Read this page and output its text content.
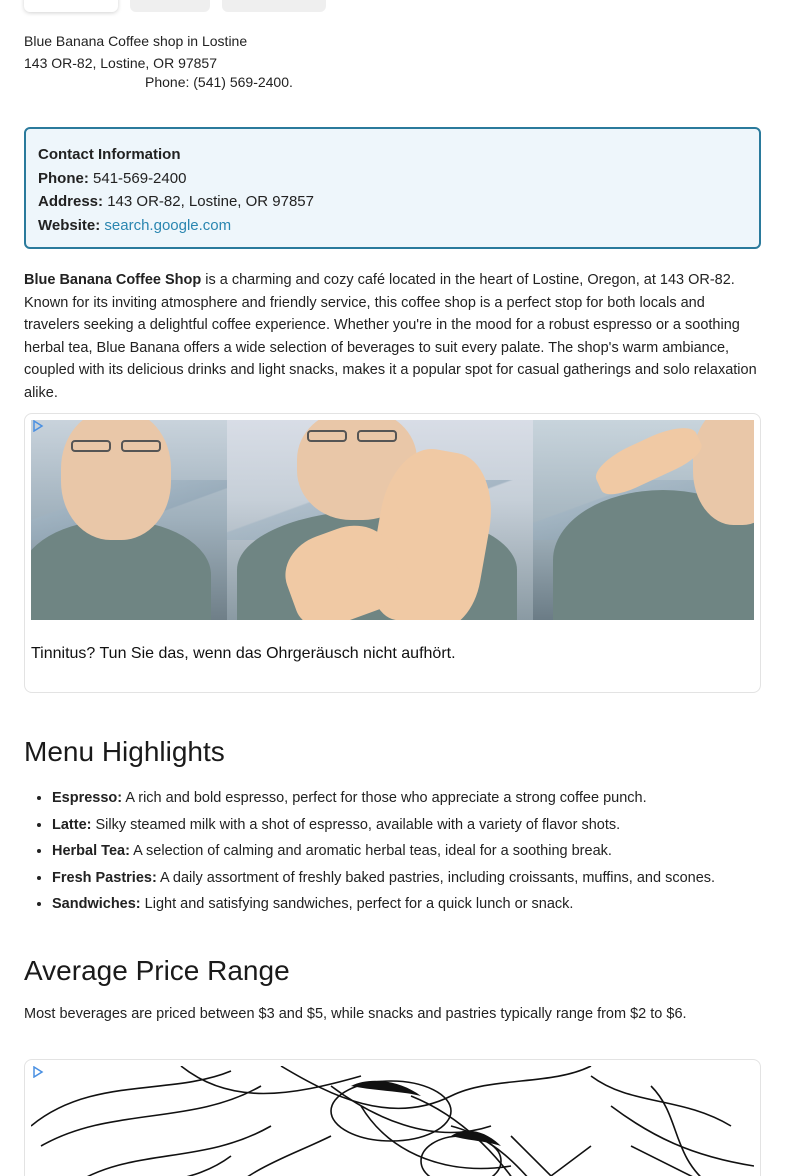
Blue Banana Coffee shop in Lostine
143 OR-82, Lostine, OR 97857
Phone: (541) 569-2400.
Contact Information
Phone: 541-569-2400
Address: 143 OR-82, Lostine, OR 97857
Website: search.google.com

Blue Banana Coffee Shop is a charming and cozy café located in the heart of Lostine, Oregon, at 143 OR-82. Known for its inviting atmosphere and friendly service, this coffee shop is a perfect stop for both locals and travelers seeking a delightful coffee experience. Whether you're in the mood for a robust espresso or a soothing herbal tea, Blue Banana offers a wide selection of beverages to suit every palate. The shop's warm ambiance, coupled with its delicious drinks and light snacks, makes it a popular spot for casual gatherings and solo relaxation alike.

Tinnitus? Tun Sie das, wenn das Ohrgeräusch nicht aufhört.
Menu Highlights
• Espresso: A rich and bold espresso, perfect for those who appreciate a strong coffee punch.
• Latte: Silky steamed milk with a shot of espresso, available with a variety of flavor shots.
• Herbal Tea: A selection of calming and aromatic herbal teas, ideal for a soothing break.
• Fresh Pastries: A daily assortment of freshly baked pastries, including croissants, muffins, and scones.
• Sandwiches: Light and satisfying sandwiches, perfect for a quick lunch or snack.
Average Price Range

Most beverages are priced between $3 and $5, while snacks and pastries typically range from $2 to $6.
